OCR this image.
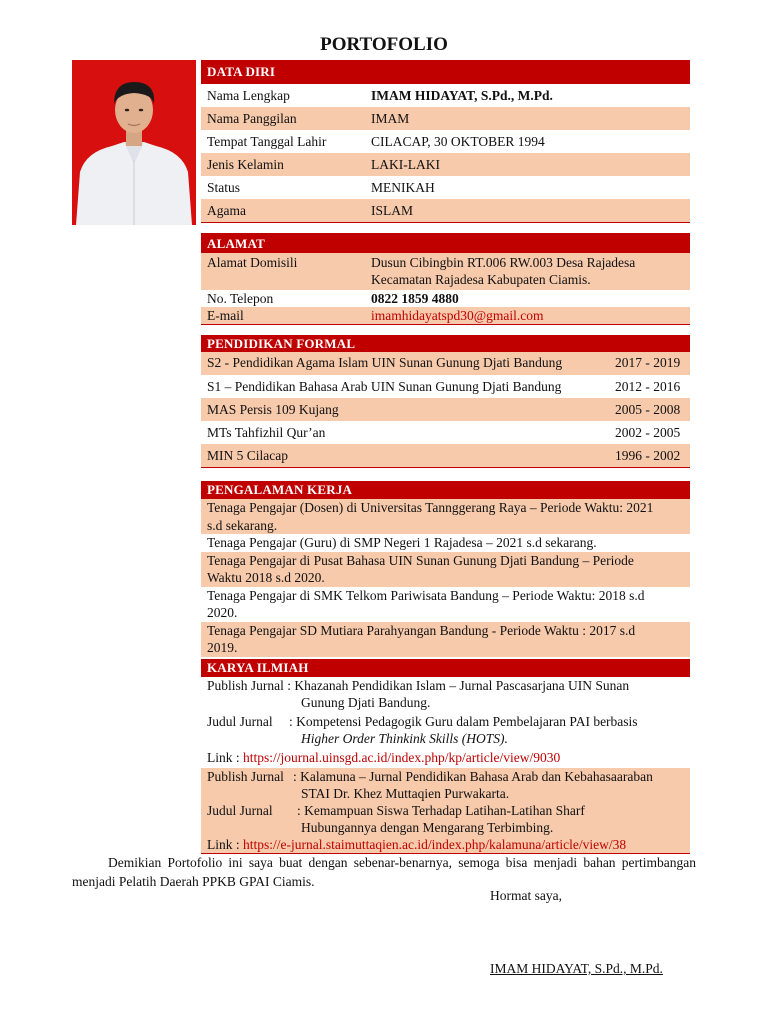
PORTOFOLIO
DATA DIRI
Nama Lengkap	IMAM HIDAYAT, S.Pd., M.Pd.
Nama Panggilan	IMAM
Tempat Tanggal Lahir	CILACAP, 30 OKTOBER 1994
Jenis Kelamin	LAKI-LAKI
Status	MENIKAH
Agama	ISLAM
ALAMAT
Alamat Domisili	Dusun Cibingbin RT.006 RW.003 Desa Rajadesa
Kecamatan Rajadesa Kabupaten Ciamis.
No. Telepon	0822 1859 4880
E-mail	imamhidayatspd30@gmail.com
PENDIDIKAN FORMAL
S2 - Pendidikan Agama Islam UIN Sunan Gunung Djati Bandung	2017 - 2019
S1 – Pendidikan Bahasa Arab UIN Sunan Gunung Djati Bandung	2012 - 2016
MAS Persis 109 Kujang	2005 - 2008
MTs Tahfizhil Qur’an	2002 - 2005
MIN 5 Cilacap	1996 - 2002
PENGALAMAN KERJA
Tenaga Pengajar (Dosen) di Universitas Tannggerang Raya – Periode Waktu: 2021
s.d sekarang.
Tenaga Pengajar (Guru) di SMP Negeri 1 Rajadesa – 2021 s.d sekarang.
Tenaga Pengajar di Pusat Bahasa UIN Sunan Gunung Djati Bandung – Periode
Waktu 2018 s.d 2020.
Tenaga Pengajar di SMK Telkom Pariwisata Bandung – Periode Waktu: 2018 s.d
2020.
Tenaga Pengajar SD Mutiara Parahyangan Bandung - Periode Waktu : 2017 s.d
2019.
KARYA ILMIAH
Publish Jurnal : Khazanah Pendidikan Islam – Jurnal Pascasarjana UIN Sunan
Gunung Djati Bandung.
Judul Jurnal : Kompetensi Pedagogik Guru dalam Pembelajaran PAI berbasis
Higher Order Thinkink Skills (HOTS).
Link : https://journal.uinsgd.ac.id/index.php/kp/article/view/9030
Publish Jurnal : Kalamuna – Jurnal Pendidikan Bahasa Arab dan Kebahasaaraban
STAI Dr. Khez Muttaqien Purwakarta.
Judul Jurnal : Kemampuan Siswa Terhadap Latihan-Latihan Sharf
Hubungannya dengan Mengarang Terbimbing.
Link : https://e-jurnal.staimuttaqien.ac.id/index.php/kalamuna/article/view/38
Demikian Portofolio ini saya buat dengan sebenar-benarnya, semoga bisa menjadi bahan pertimbangan menjadi Pelatih Daerah PPKB GPAI Ciamis.
Hormat saya,
IMAM HIDAYAT, S.Pd., M.Pd.
